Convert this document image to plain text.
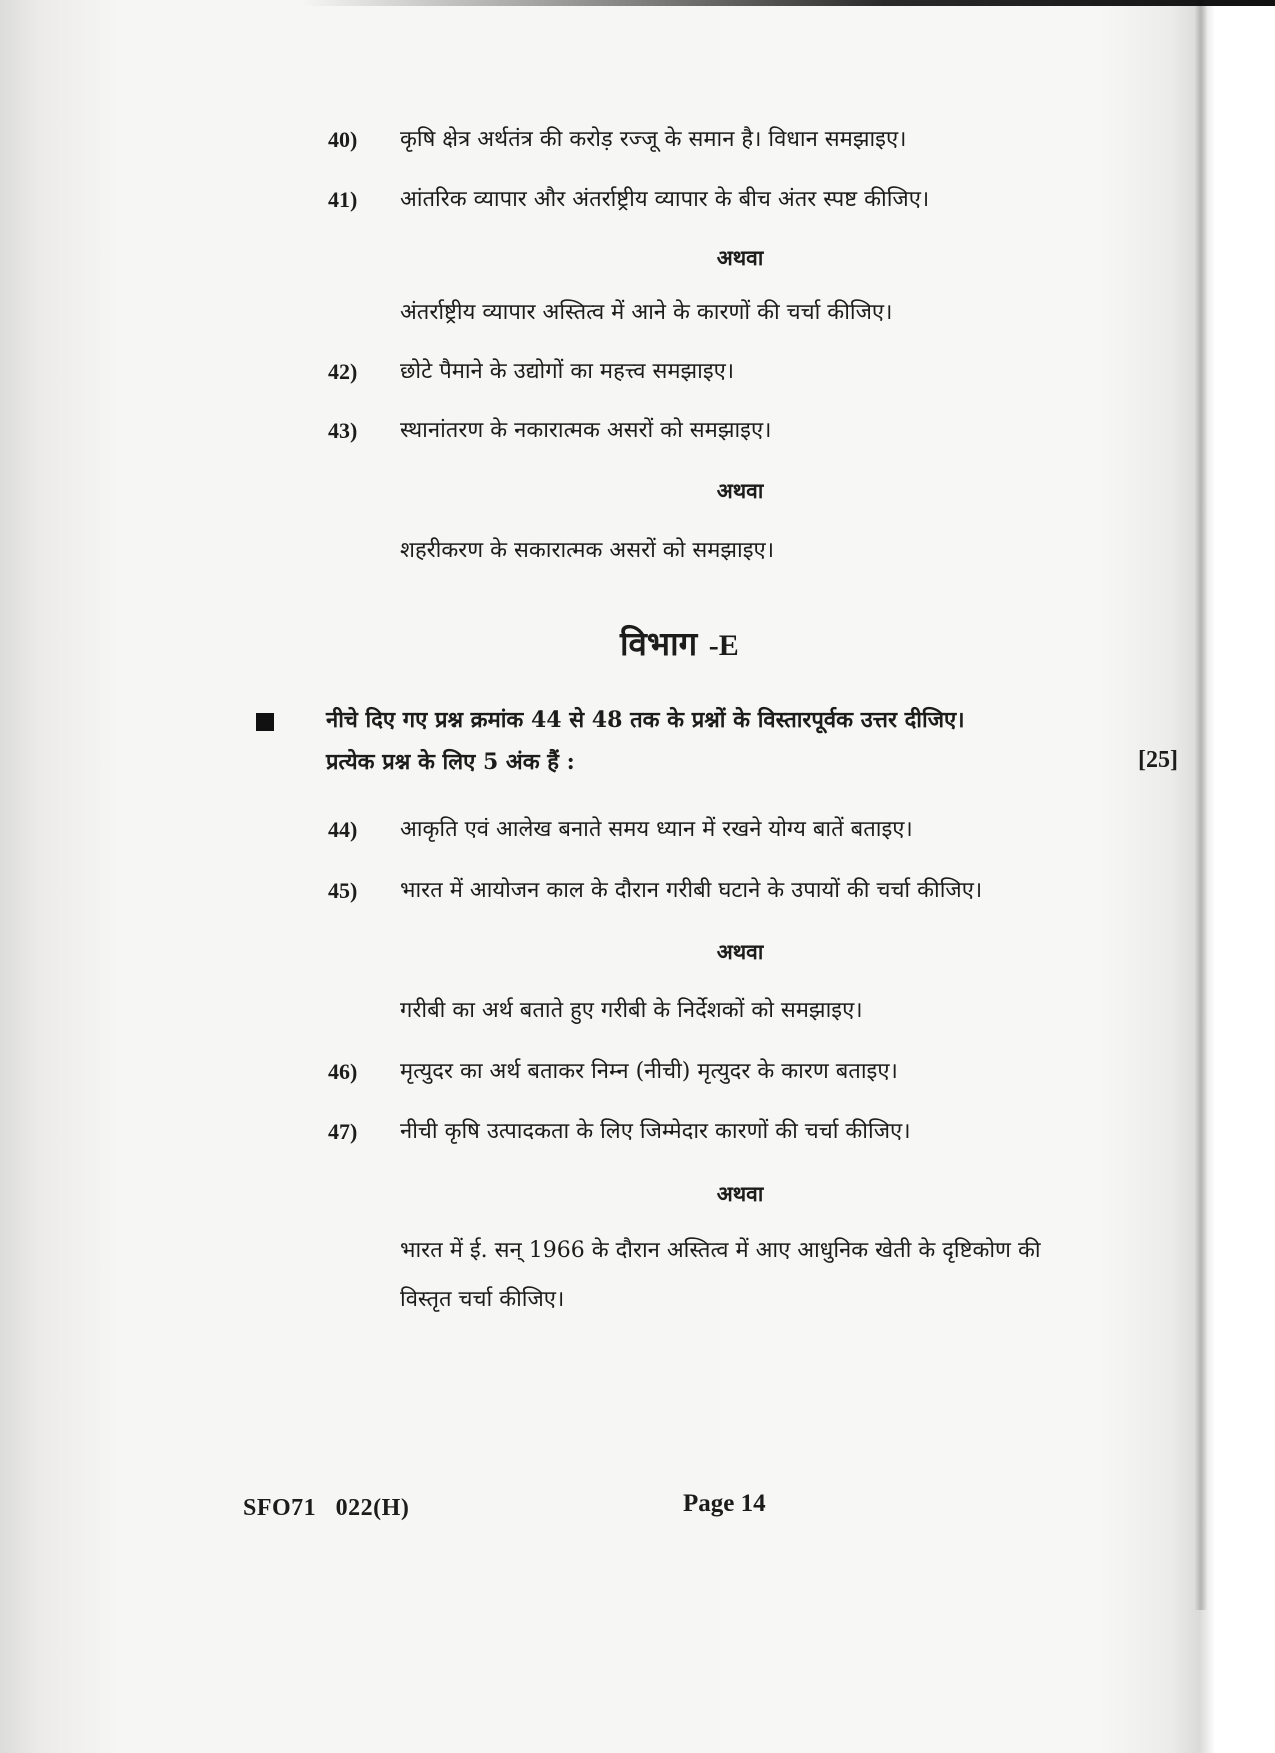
40)	कृषि क्षेत्र अर्थतंत्र की करोड़ रज्जू के समान है। विधान समझाइए।
41)	आंतरिक व्यापार और अंतर्राष्ट्रीय व्यापार के बीच अंतर स्पष्ट कीजिए।
अथवा
अंतर्राष्ट्रीय व्यापार अस्तित्व में आने के कारणों की चर्चा कीजिए।
42)	छोटे पैमाने के उद्योगों का महत्त्व समझाइए।
43)	स्थानांतरण के नकारात्मक असरों को समझाइए।
अथवा
शहरीकरण के सकारात्मक असरों को समझाइए।
विभाग -E
नीचे दिए गए प्रश्न क्रमांक 44 से 48 तक के प्रश्नों के विस्तारपूर्वक उत्तर दीजिए।
प्रत्येक प्रश्न के लिए 5 अंक हैं :	[25]
44)	आकृति एवं आलेख बनाते समय ध्यान में रखने योग्य बातें बताइए।
45)	भारत में आयोजन काल के दौरान गरीबी घटाने के उपायों की चर्चा कीजिए।
अथवा
गरीबी का अर्थ बताते हुए गरीबी के निर्देशकों को समझाइए।
46)	मृत्युदर का अर्थ बताकर निम्न (नीची) मृत्युदर के कारण बताइए।
47)	नीची कृषि उत्पादकता के लिए जिम्मेदार कारणों की चर्चा कीजिए।
अथवा
भारत में ई. सन् 1966 के दौरान अस्तित्व में आए आधुनिक खेती के दृष्टिकोण की
विस्तृत चर्चा कीजिए।
SFO71   022(H)	Page 14
